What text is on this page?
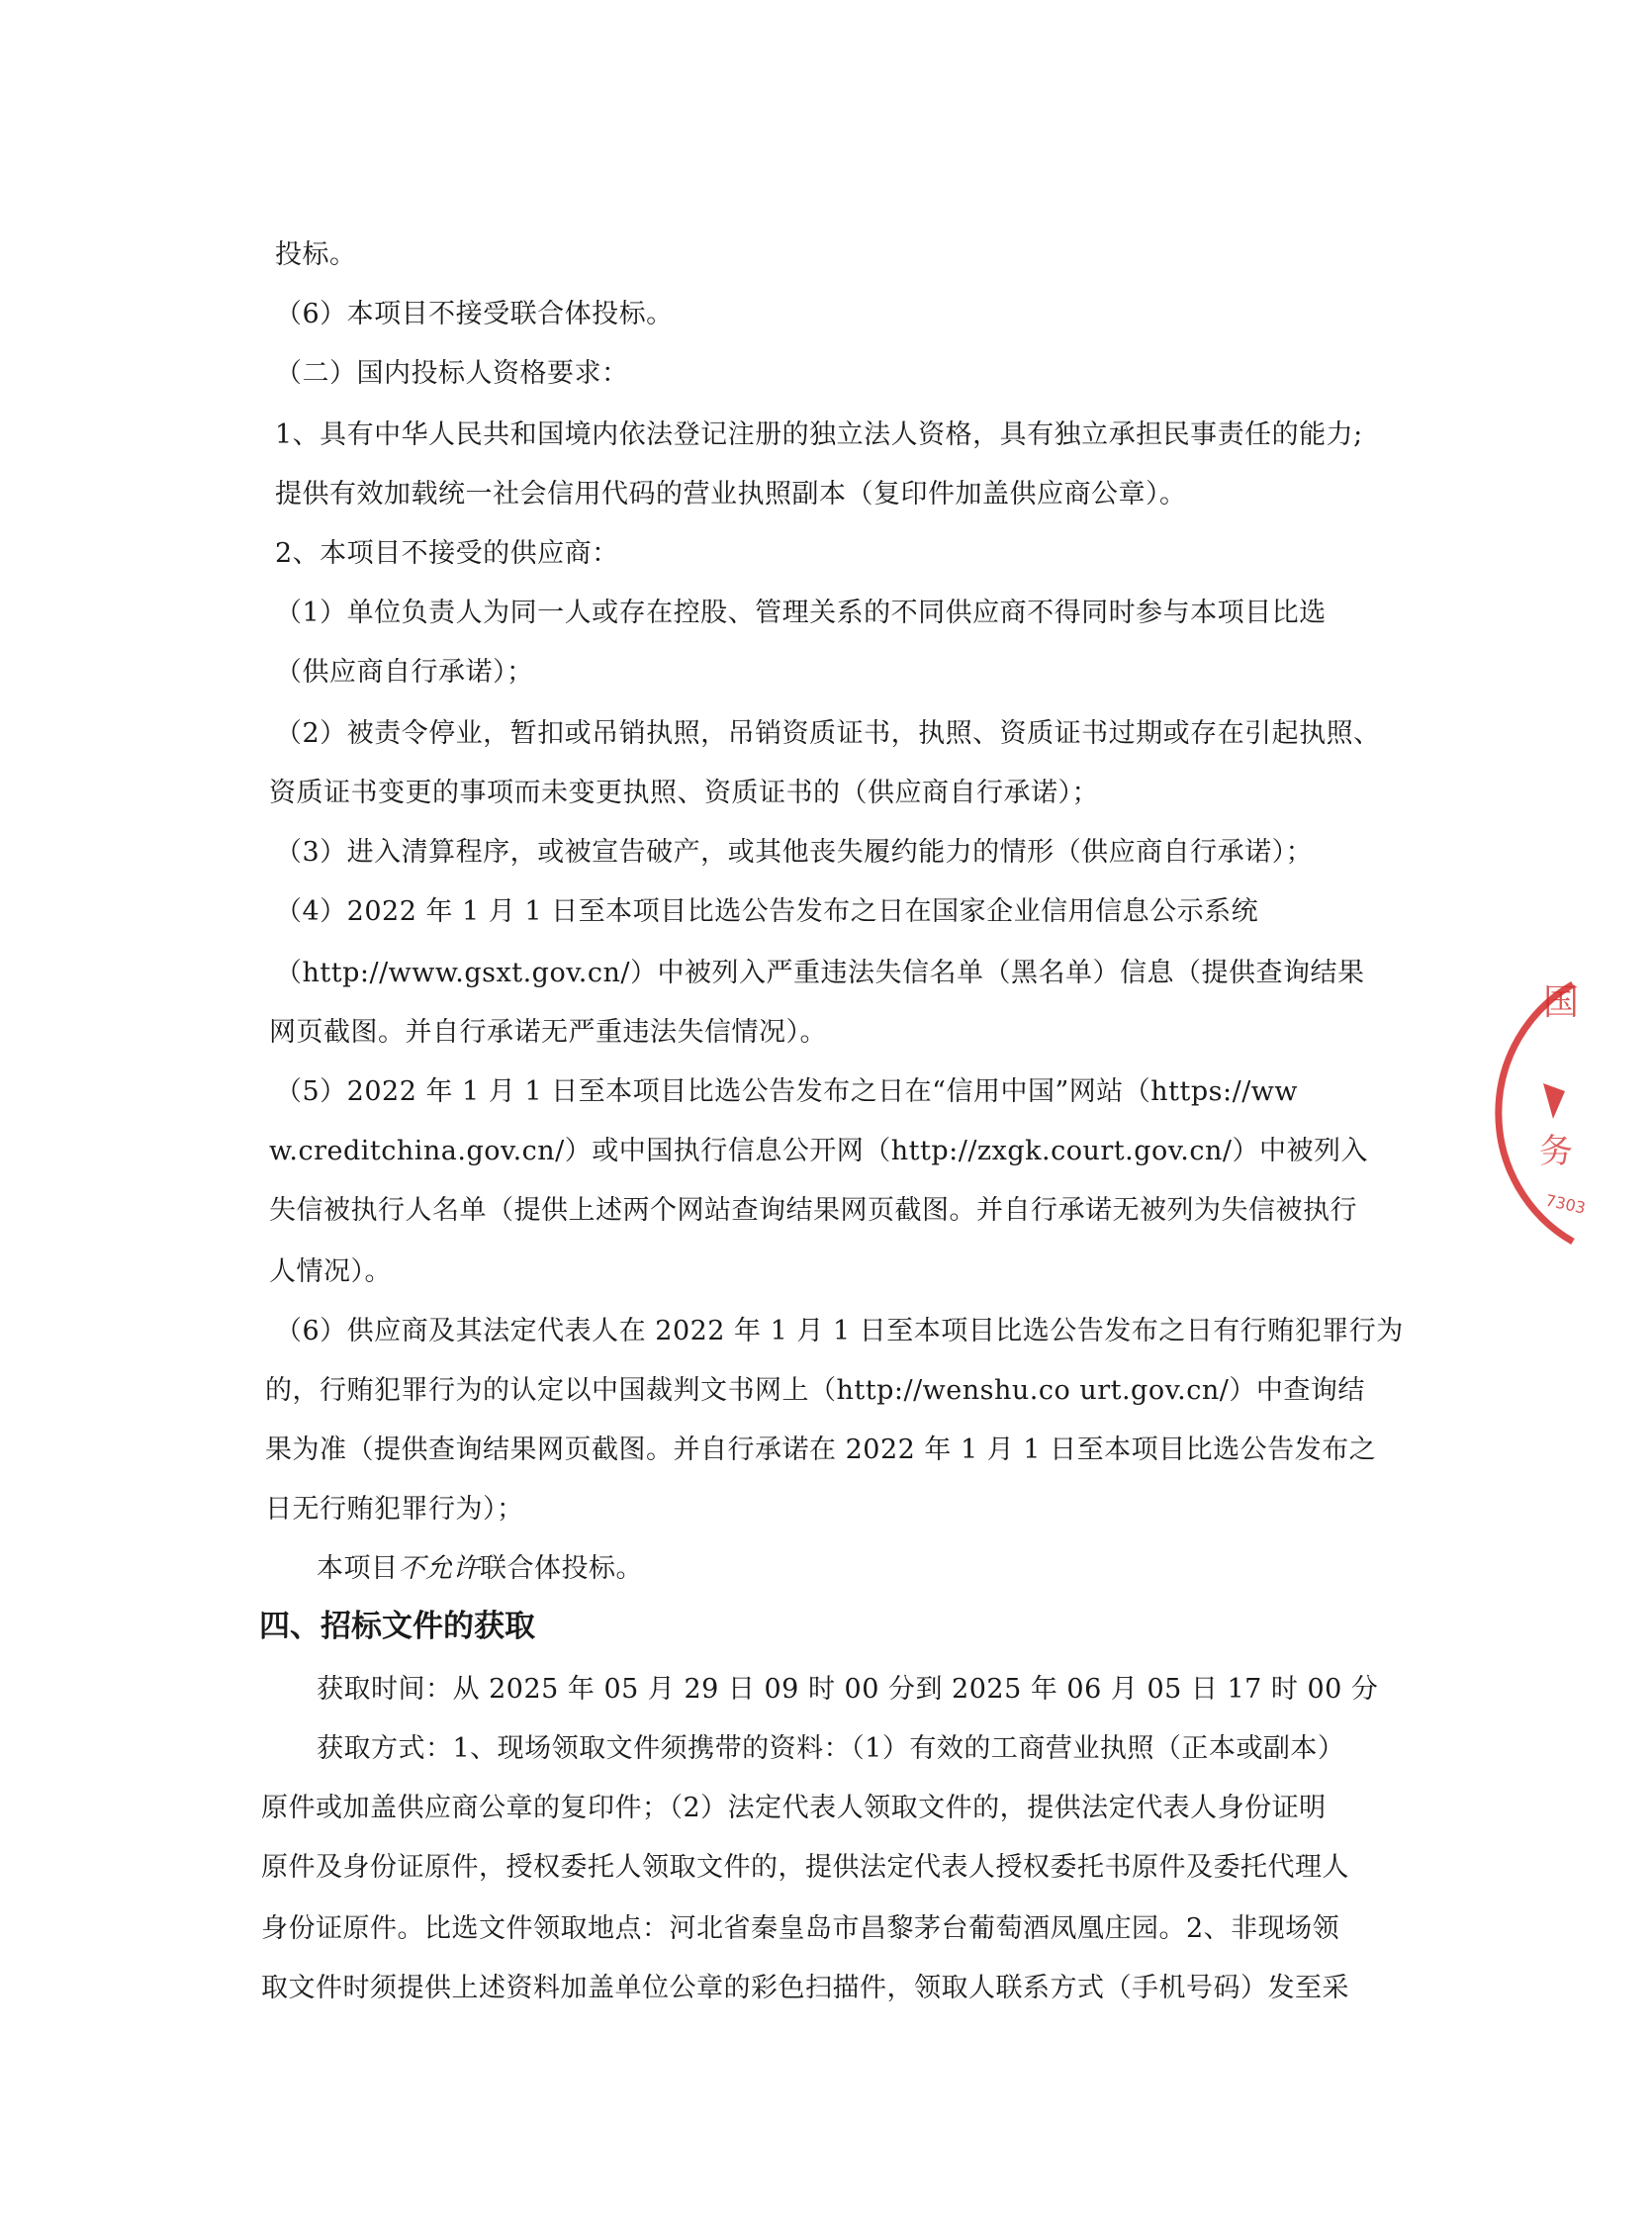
投标。
（6）本项目不接受联合体投标。
（二）国内投标人资格要求：
1、具有中华人民共和国境内依法登记注册的独立法人资格，具有独立承担民事责任的能力;
提供有效加载统一社会信用代码的营业执照副本（复印件加盖供应商公章）。
2、本项目不接受的供应商：
（1）单位负责人为同一人或存在控股、管理关系的不同供应商不得同时参与本项目比选
（供应商自行承诺）；
（2）被责令停业，暂扣或吊销执照，吊销资质证书，执照、资质证书过期或存在引起执照、
资质证书变更的事项而未变更执照、资质证书的（供应商自行承诺）；
（3）进入清算程序，或被宣告破产，或其他丧失履约能力的情形（供应商自行承诺）；
（4）2022 年 1 月 1 日至本项目比选公告发布之日在国家企业信用信息公示系统
（http://www.gsxt.gov.cn/）中被列入严重违法失信名单（黑名单）信息（提供查询结果
网页截图。并自行承诺无严重违法失信情况）。
（5）2022 年 1 月 1 日至本项目比选公告发布之日在“信用中国”网站（https://ww
w.creditchina.gov.cn/）或中国执行信息公开网（http://zxgk.court.gov.cn/）中被列入
失信被执行人名单（提供上述两个网站查询结果网页截图。并自行承诺无被列为失信被执行
人情况）。
（6）供应商及其法定代表人在 2022 年 1 月 1 日至本项目比选公告发布之日有行贿犯罪行为
的，行贿犯罪行为的认定以中国裁判文书网上（http://wenshu.co urt.gov.cn/）中查询结
果为准（提供查询结果网页截图。并自行承诺在 2022 年 1 月 1 日至本项目比选公告发布之
日无行贿犯罪行为）；
本项目不允许联合体投标。
四、招标文件的获取
获取时间：从 2025 年 05 月 29 日 09 时 00 分到 2025 年 06 月 05 日 17 时 00 分
获取方式：1、现场领取文件须携带的资料：（1）有效的工商营业执照（正本或副本）
原件或加盖供应商公章的复印件；（2）法定代表人领取文件的，提供法定代表人身份证明
原件及身份证原件，授权委托人领取文件的，提供法定代表人授权委托书原件及委托代理人
身份证原件。比选文件领取地点：河北省秦皇岛市昌黎茅台葡萄酒凤凰庄园。2、非现场领
取文件时须提供上述资料加盖单位公章的彩色扫描件，领取人联系方式（手机号码）发至采
国
务
7303
